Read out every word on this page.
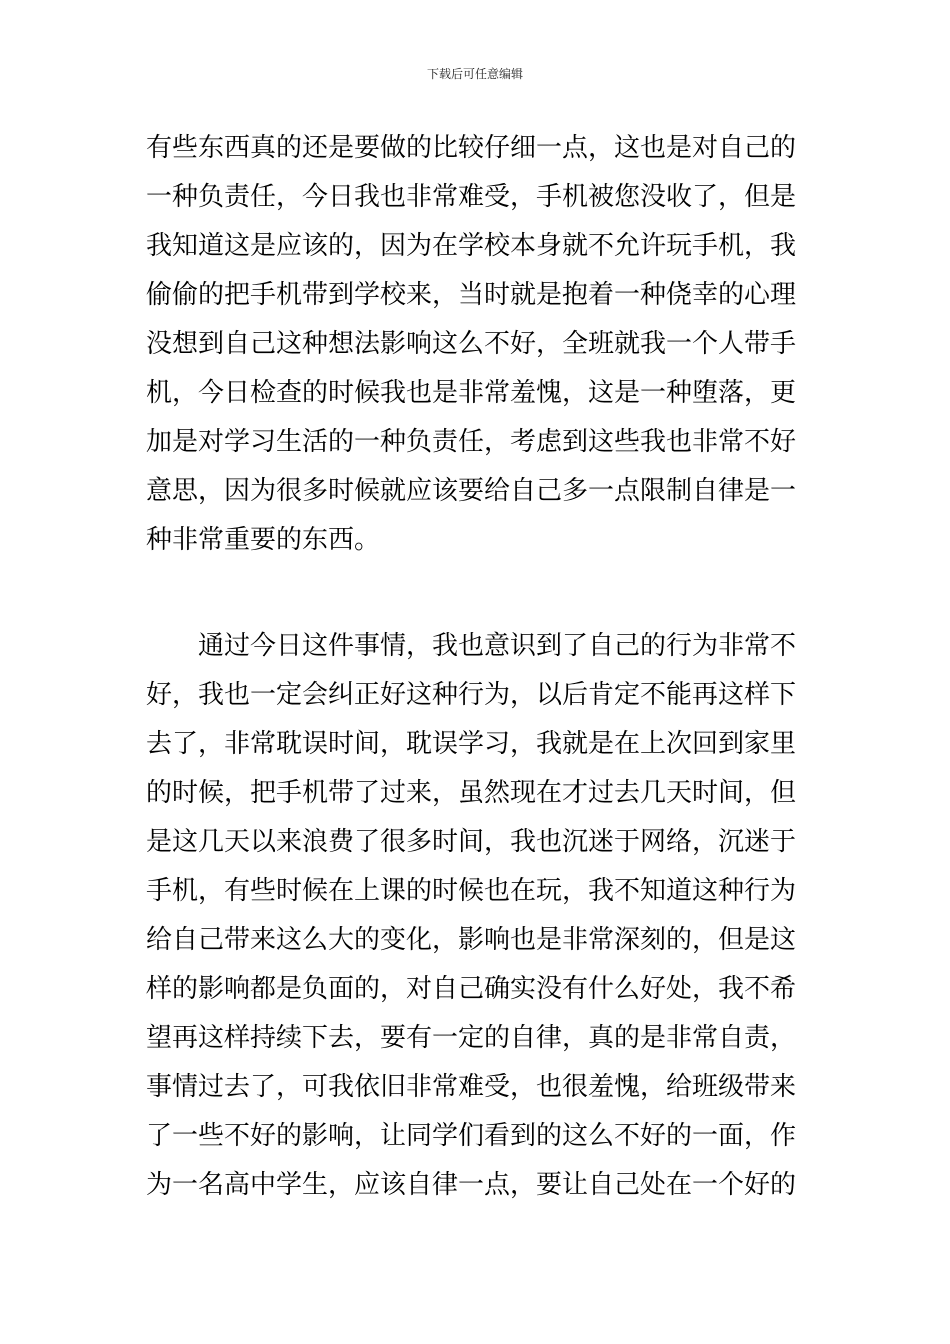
下载后可任意编辑
有些东西真的还是要做的比较仔细一点，这也是对自己的
一种负责任，今日我也非常难受，手机被您没收了，但是
我知道这是应该的，因为在学校本身就不允许玩手机，我
偷偷的把手机带到学校来，当时就是抱着一种侥幸的心理
没想到自己这种想法影响这么不好，全班就我一个人带手
机，今日检查的时候我也是非常羞愧，这是一种堕落，更
加是对学习生活的一种负责任，考虑到这些我也非常不好
意思，因为很多时候就应该要给自己多一点限制自律是一
种非常重要的东西。
通过今日这件事情，我也意识到了自己的行为非常不
好，我也一定会纠正好这种行为，以后肯定不能再这样下
去了，非常耽误时间，耽误学习，我就是在上次回到家里
的时候，把手机带了过来，虽然现在才过去几天时间，但
是这几天以来浪费了很多时间，我也沉迷于网络，沉迷于
手机，有些时候在上课的时候也在玩，我不知道这种行为
给自己带来这么大的变化，影响也是非常深刻的，但是这
样的影响都是负面的，对自己确实没有什么好处，我不希
望再这样持续下去，要有一定的自律，真的是非常自责，
事情过去了，可我依旧非常难受，也很羞愧，给班级带来
了一些不好的影响，让同学们看到的这么不好的一面，作
为一名高中学生，应该自律一点，要让自己处在一个好的
